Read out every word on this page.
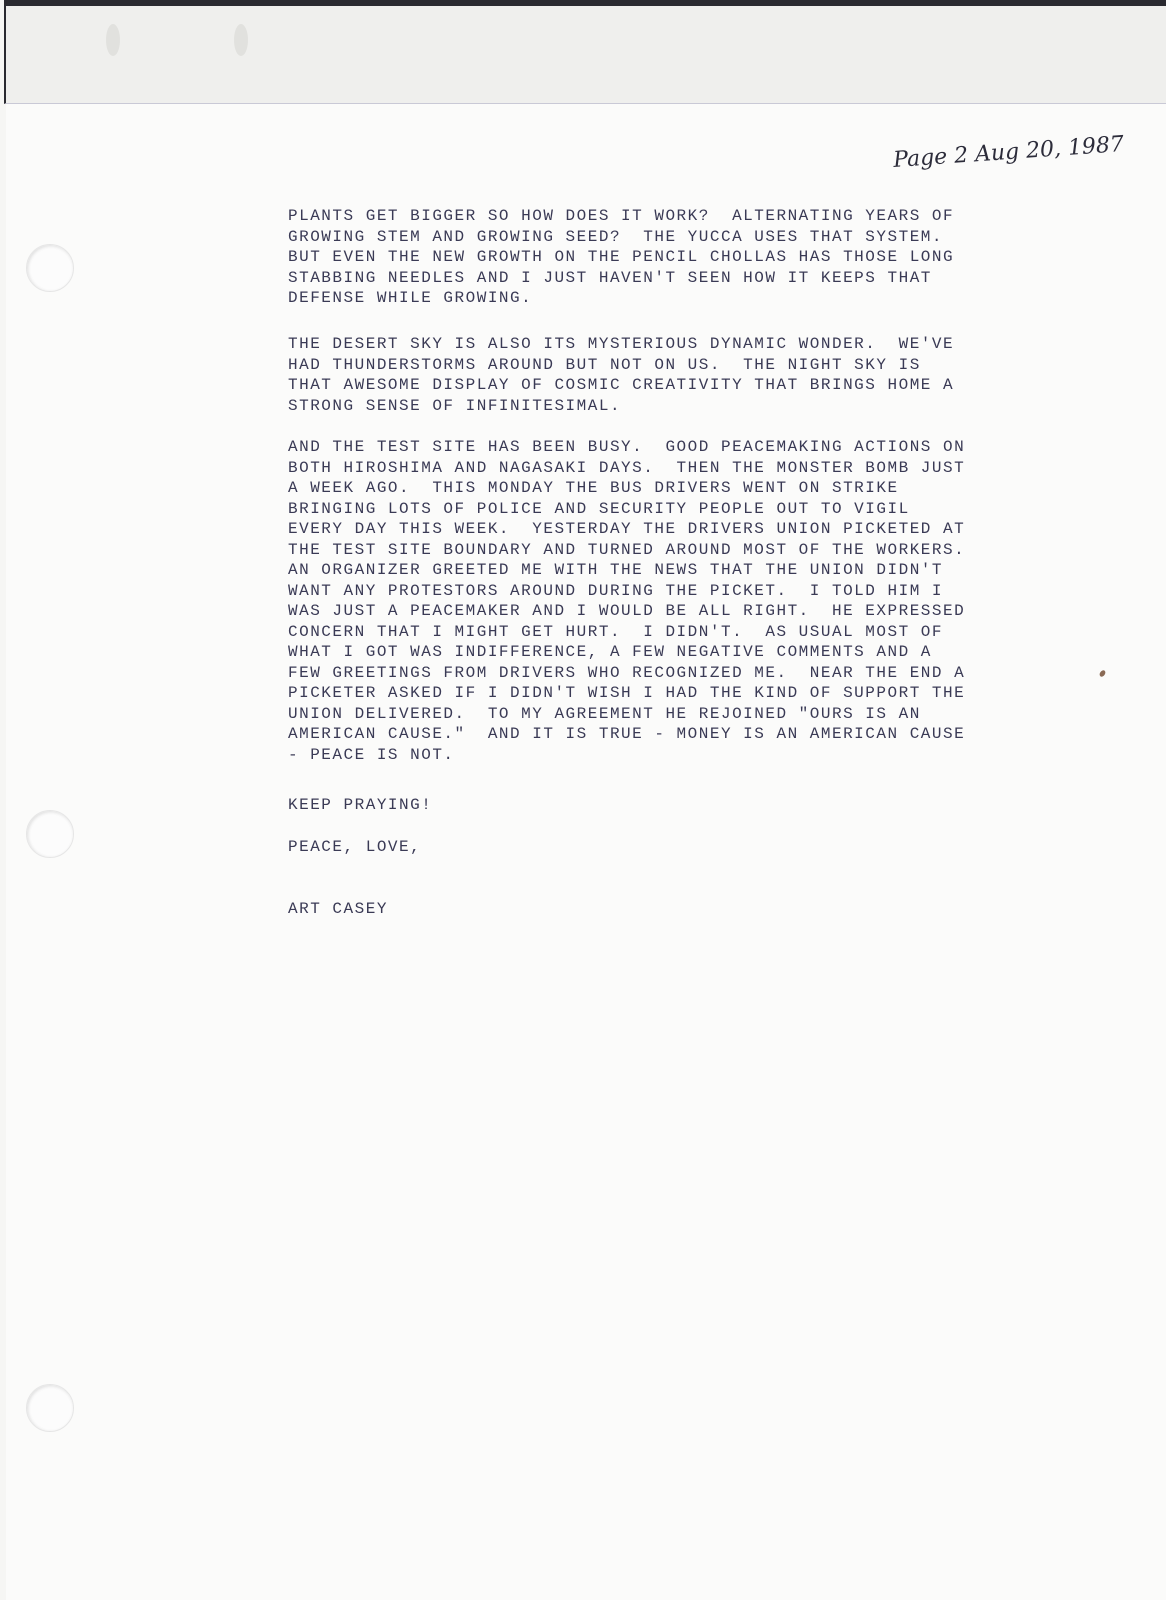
Page 2 Aug 20, 1987
PLANTS GET BIGGER SO HOW DOES IT WORK?  ALTERNATING YEARS OF
GROWING STEM AND GROWING SEED?  THE YUCCA USES THAT SYSTEM.
BUT EVEN THE NEW GROWTH ON THE PENCIL CHOLLAS HAS THOSE LONG
STABBING NEEDLES AND I JUST HAVEN'T SEEN HOW IT KEEPS THAT
DEFENSE WHILE GROWING.
THE DESERT SKY IS ALSO ITS MYSTERIOUS DYNAMIC WONDER.  WE'VE
HAD THUNDERSTORMS AROUND BUT NOT ON US.  THE NIGHT SKY IS
THAT AWESOME DISPLAY OF COSMIC CREATIVITY THAT BRINGS HOME A
STRONG SENSE OF INFINITESIMAL.
AND THE TEST SITE HAS BEEN BUSY.  GOOD PEACEMAKING ACTIONS ON
BOTH HIROSHIMA AND NAGASAKI DAYS.  THEN THE MONSTER BOMB JUST
A WEEK AGO.  THIS MONDAY THE BUS DRIVERS WENT ON STRIKE
BRINGING LOTS OF POLICE AND SECURITY PEOPLE OUT TO VIGIL
EVERY DAY THIS WEEK.  YESTERDAY THE DRIVERS UNION PICKETED AT
THE TEST SITE BOUNDARY AND TURNED AROUND MOST OF THE WORKERS.
AN ORGANIZER GREETED ME WITH THE NEWS THAT THE UNION DIDN'T
WANT ANY PROTESTORS AROUND DURING THE PICKET.  I TOLD HIM I
WAS JUST A PEACEMAKER AND I WOULD BE ALL RIGHT.  HE EXPRESSED
CONCERN THAT I MIGHT GET HURT.  I DIDN'T.  AS USUAL MOST OF
WHAT I GOT WAS INDIFFERENCE, A FEW NEGATIVE COMMENTS AND A
FEW GREETINGS FROM DRIVERS WHO RECOGNIZED ME.  NEAR THE END A
PICKETER ASKED IF I DIDN'T WISH I HAD THE KIND OF SUPPORT THE
UNION DELIVERED.  TO MY AGREEMENT HE REJOINED "OURS IS AN
AMERICAN CAUSE."  AND IT IS TRUE - MONEY IS AN AMERICAN CAUSE
- PEACE IS NOT.
KEEP PRAYING!
PEACE, LOVE,
ART CASEY
